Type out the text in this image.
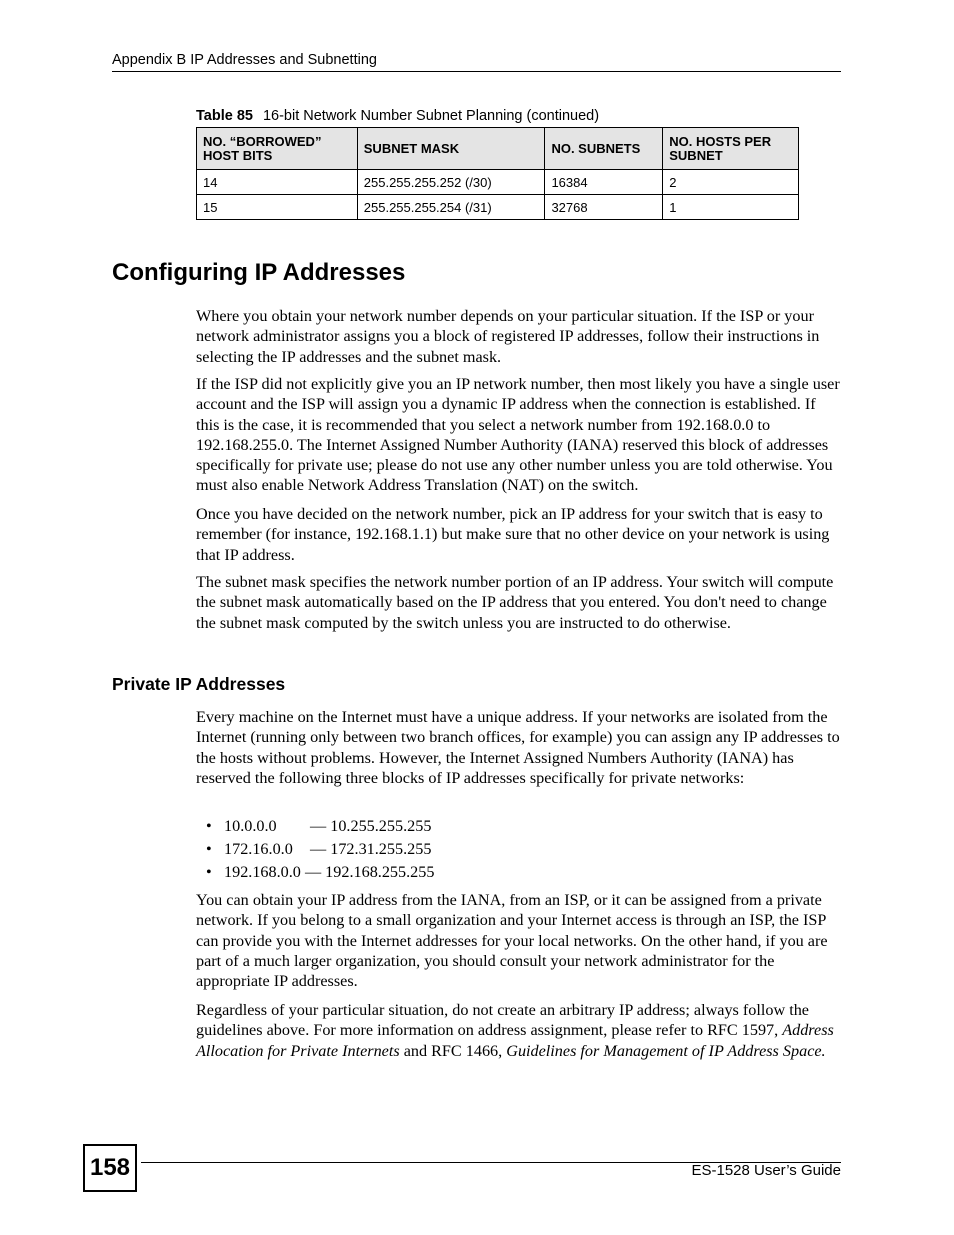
Appendix B IP Addresses and Subnetting
Table 85 16-bit Network Number Subnet Planning (continued)
NO. “BORROWED” HOST BITS	SUBNET MASK	NO. SUBNETS	NO. HOSTS PER SUBNET
14	255.255.255.252 (/30)	16384	2
15	255.255.255.254 (/31)	32768	1
Configuring IP Addresses

Where you obtain your network number depends on your particular situation. If the ISP or your network administrator assigns you a block of registered IP addresses, follow their instructions in selecting the IP addresses and the subnet mask.

If the ISP did not explicitly give you an IP network number, then most likely you have a single user account and the ISP will assign you a dynamic IP address when the connection is established. If this is the case, it is recommended that you select a network number from 192.168.0.0 to 192.168.255.0. The Internet Assigned Number Authority (IANA) reserved this block of addresses specifically for private use; please do not use any other number unless you are told otherwise. You must also enable Network Address Translation (NAT) on the switch.

Once you have decided on the network number, pick an IP address for your switch that is easy to remember (for instance, 192.168.1.1) but make sure that no other device on your network is using that IP address.

The subnet mask specifies the network number portion of an IP address. Your switch will compute the subnet mask automatically based on the IP address that you entered. You don't need to change the subnet mask computed by the switch unless you are instructed to do otherwise.

Private IP Addresses

Every machine on the Internet must have a unique address. If your networks are isolated from the Internet (running only between two branch offices, for example) you can assign any IP addresses to the hosts without problems. However, the Internet Assigned Numbers Authority (IANA) has reserved the following three blocks of IP addresses specifically for private networks:

• 10.0.0.0 — 10.255.255.255
• 172.16.0.0 — 172.31.255.255
• 192.168.0.0 — 192.168.255.255

You can obtain your IP address from the IANA, from an ISP, or it can be assigned from a private network. If you belong to a small organization and your Internet access is through an ISP, the ISP can provide you with the Internet addresses for your local networks. On the other hand, if you are part of a much larger organization, you should consult your network administrator for the appropriate IP addresses.

Regardless of your particular situation, do not create an arbitrary IP address; always follow the guidelines above. For more information on address assignment, please refer to RFC 1597, Address Allocation for Private Internets and RFC 1466, Guidelines for Management of IP Address Space.

158	ES-1528 User’s Guide
